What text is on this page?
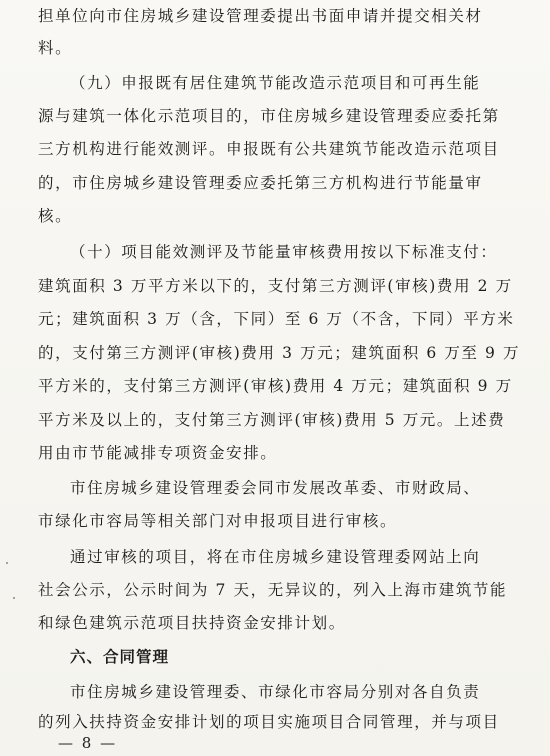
担单位向市住房城乡建设管理委提出书面申请并提交相关材
料。
（九）申报既有居住建筑节能改造示范项目和可再生能
源与建筑一体化示范项目的，市住房城乡建设管理委应委托第
三方机构进行能效测评。申报既有公共建筑节能改造示范项目
的，市住房城乡建设管理委应委托第三方机构进行节能量审
核。
（十）项目能效测评及节能量审核费用按以下标准支付：
建筑面积 3 万平方米以下的，支付第三方测评(审核)费用 2 万
元；建筑面积 3 万（含，下同）至 6 万（不含，下同）平方米
的，支付第三方测评(审核)费用 3 万元；建筑面积 6 万至 9 万
平方米的，支付第三方测评(审核)费用 4 万元；建筑面积 9 万
平方米及以上的，支付第三方测评(审核)费用 5 万元。上述费
用由市节能减排专项资金安排。
市住房城乡建设管理委会同市发展改革委、市财政局、
市绿化市容局等相关部门对申报项目进行审核。
通过审核的项目，将在市住房城乡建设管理委网站上向
社会公示，公示时间为 7 天，无异议的，列入上海市建筑节能
和绿色建筑示范项目扶持资金安排计划。
六、合同管理
市住房城乡建设管理委、市绿化市容局分别对各自负责
的列入扶持资金安排计划的项目实施项目合同管理，并与项目
— 8 —
